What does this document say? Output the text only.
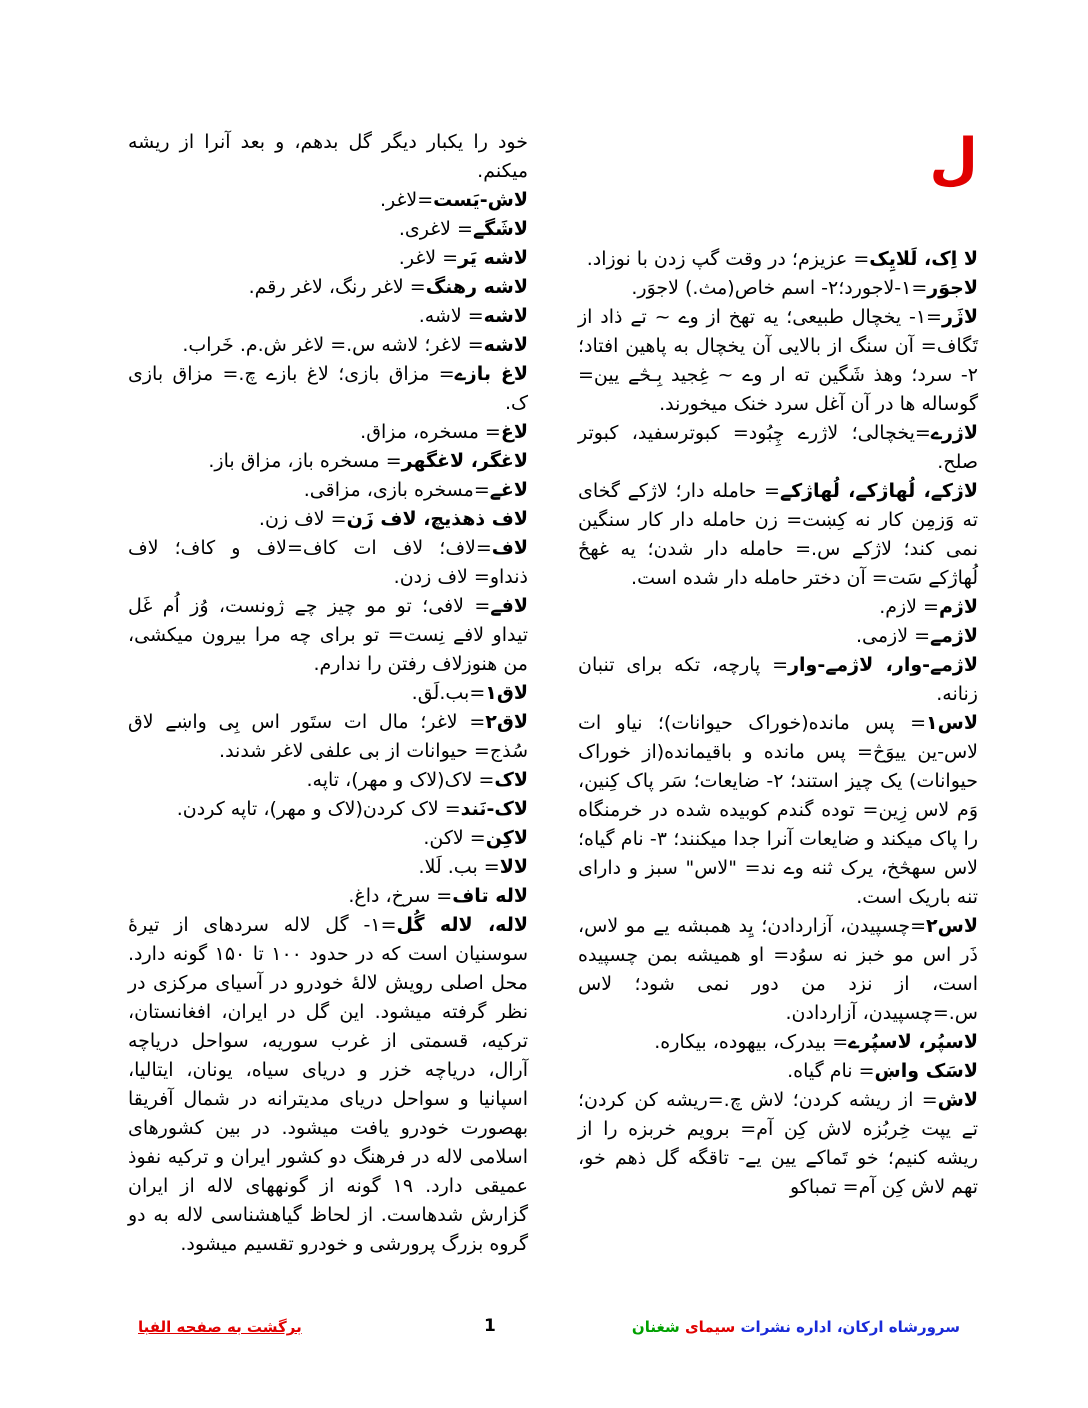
ل

لا اِک، لَلایِک= عزیزم؛ در وقت گپ زدن با نوزاد.

لاجوَر=۱-لاجورد؛۲- اسم خاص(مث.) لاجوَر.

لاژَر=۱- یخچال طبیعی؛ یه تهخ از وے ~ تے ذاد از تَگاف= آن سنگ از بالایی آن یخچال به پاهین افتاد؛ ۲- سرد؛ وهذ شَگین ته ار وے ~ غِجید بِـڅے یین= گوساله ها در آن آغل سرد خنک میخورند.

لاژرے=یخچالی؛ لاژرے چِبُود= کبوترسفید، کبوتر صلح.

لاژکے، لُهاژکے، لُهاژکے= حامله دار؛ لاژکے گخای ته وَزمِن کار نه کِښت= زن حامله دار کار سنگین نمی کند؛ لاژکے س.= حامله دار شدن؛ یه غهځ لُهاژکے سَت= آن دختر حامله دار شده است.

لاژم= لازم.

لاژمے= لازمی.

لاژمے-وار، لاژمے-وار= پارچه، تکه برای تنبان زنانه.

لاس۱= پس مانده(خوراک حیوانات)؛ نیاو ات لاس-ین ییوَڅ= پس مانده و باقیمانده(از خوراک حیوانات) یک چیز استند؛ ۲- ضایعات؛ سَر پاک کِنین، وَم لاس زِین= توده گندم کوبیده شده در خرمنگاه را پاک میکند و ضایعات آنرا جدا میکنند؛ ۳- نام گیاه؛ لاس سهڅخ، یرک ثنه وے ند= "لاس" سبز و دارای تنه باریک است.

لاس۲=چسپیدن، آزاردادن؛ یِد همبشه یے مو لاس، ذَر اس مو خبز نه سوُد= او همیشه بمن چسپیده است، از نزد من دور نمی شود؛ لاس س.=چسپیدن، آزاردادن.

لاسپُر، لاسپُرے= بیدرک، بیهوده، بیکاره.

لاسَک واښ= نام گیاه.

لاش= از ریشه کردن؛ لاش چ.=ریشه کن کردن؛ تے یپت خِربُزه لاش کِن آم= برویم خربزه را از ریشه کنیم؛ خو تَماکے یین یے- تاقگه گل ذهم خو، تهم لاش کِن آم= تمباکو

خود را یکبار دیگر گل بدهم، و بعد آنرا از ریشه میکنم.

لاش-یَست=لاغر.

لاشَگے= لاغری.

لاشه یَر= لاغر.

لاشه رهنگ= لاغر رنگ، لاغر رقم.

لاشه= لاشه.

لاشه= لاغر؛ لاشه س.= لاغر ش.م. خَراب.

لاغ بازے= مزاق بازی؛ لاغ بازے چ.= مزاق بازی ک.

لاغ= مسخره، مزاق.

لاغگر، لاغگهر= مسخره باز، مزاق باز.

لاغے=مسخره بازی، مزاقی.

لاف ذهذیچ، لاف زَن= لاف زن.

لاف=لاف؛ لاف ات کاف=لاف و کاف؛ لاف ذنداو= لاف زدن.

لافے= لافی؛ تو مو چیز چے ژونست، وُز اُم غَل تیداو لافے نِست= تو برای چه مرا بیرون میکشی، من هنوزلاف رفتن را ندارم.

لاق۱=بب.لَق.

لاق۲= لاغر؛ مال ات ستَور اس بِی واښے لاق سُذج= حیوانات از بی علفی لاغر شدند.

لاک= لاک(لاک و مهر)، تاپه.

لاک-نَند= لاک کردن(لاک و مهر)، تاپه کردن.

لاکِن= لاکن.

لالا= بب. لَلا.

لاله تاف= سرخ، داغ.

لاله، لاله گُل=۱- گل لاله سردهای از تیرهٔ سوسنیان است که در حدود ۱۰۰ تا ۱۵۰ گونه دارد. محل اصلی رویش لالهٔ خودرو در آسیای مرکزی در نظر گرفته میشود. این گل در ایران، افغانستان، ترکیه، قسمتی از غرب سوریه، سواحل دریاچه آرال، دریاچه خزر و دریای سیاه، یونان، ایتالیا، اسپانیا و سواحل دریای مدیترانه در شمال آفریقا بهصورت خودرو یافت میشود. در بین کشورهای اسلامی لاله در فرهنگ دو کشور ایران و ترکیه نفوذ عمیقی دارد. ۱۹ گونه از گونههای لاله از ایران گزارش شدهاست. از لحاظ گیاهشناسی لاله به دو گروه بزرگ پرورشی و خودرو تقسیم میشود.

سرورشاه ارکان، اداره نشرات سیمای شغنان
1
برگشت به صفحه الفبا
